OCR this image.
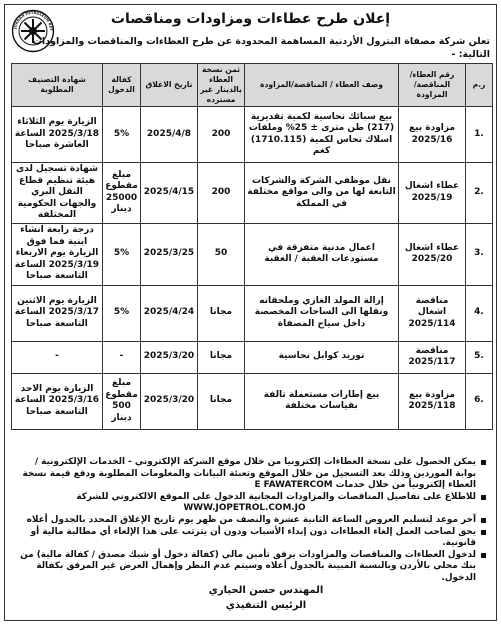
JORDAN PETROLEUM REF
إعلان طرح عطاءات ومزاودات ومناقصات
تعلن شركة مصفاة البترول الأردنية المساهمة المحدودة عن طرح العطاءات والمناقصات والمزاودات التالية: -
ر.م	رقم العطاء/ المناقصة/ المزاودة	وصف العطاء / المناقصة/المزاودة	ثمن نسخة العطاء بالدينار غير مسترده	تاريخ الاغلاق	كفالة الدخول	شهادة التصنيف المطلوبة
.1	مزاودة بيع 2025/16	بيع سبائك نحاسية لكمية تقديرية (217) طن مترى ± 25% وملفات اسلاك نحاس لكمية (1710.115) كغم	200	2025/4/8	5%	الزيارة يوم الثلاثاء 2025/3/18 الساعة العاشرة صباحا
.2	عطاء اشغال 2025/19	نقل موظفي الشركة والشركات التابعة لها من والى مواقع مختلفة في المملكة	200	2025/4/15	مبلغ مقطوع 25000 دينار	شهادة تسجيل لدى هيئة تنظيم قطاع النقل البري والجهات الحكومية المختلفة
.3	عطاء اشغال 2025/20	اعمال مدنية متفرقة في مستودعات العقبة / العقبة	50	2025/3/25	5%	درجة رابعة انشاء ابنية فما فوق الزيارة يوم الاربعاء 2025/3/19 الساعة التاسعة صباحا
.4	مناقصة اشغال 2025/114	إزالة المولد الغازي وملحقاته ونقلها الى الساحات المخصصة داخل سياج المصفاة	مجانا	2025/4/24	5%	الزيارة يوم الاثنين 2025/3/17 الساعة التاسعة صباحا
.5	مناقصة 2025/117	توريد كوابل نحاسية	مجانا	2025/3/20	-	-
.6	مزاودة بيع 2025/118	بيع إطارات مستعملة تالفة بقياسات مختلفة	مجانا	2025/3/20	مبلغ مقطوع 500 دينار	الزيارة يوم الاحد 2025/3/16 الساعة التاسعة صباحا
يمكن الحصول على نسخة العطاءات إلكترونيا من خلال موقع الشركة الإلكتروني - الخدمات الإلكترونية / بوابة الموردين وذلك بعد التسجيل من خلال الموقع وتعبئة البيانات والمعلومات المطلوبة ودفع قيمة نسخة العطاء إلكترونياً من خلال خدمات E FAWATERCOM
للاطلاع على تفاصيل المناقصات والمزاودات المجانية الدخول على الموقع الالكتروني للشركة
WWW.JOPETROL.COM.JO
آخر موعد لتسليم العروض الساعة الثانية عشرة والنصف من ظهر يوم تاريخ الإغلاق المحدد بالجدول أعلاه
يحق لصاحب العمل إلغاء العطاءات دون إبداء الأسباب ودون أن يترتب على هذا الإلغاء أي مطالبة مالية أو قانونية.
لدخول العطاءات والمناقصات والمزاودات يرفق تأمين مالي (كفالة دخول أو شيك مصدق / كفالة مالية) من بنك محلي بالأردن وبالنسبة المبينة بالجدول أعلاه وسيتم عدم النظر وإهمال العرض غير المرفق بكفالة الدخول.
المهندس حسن الحياري
الرئيس التنفيذي
